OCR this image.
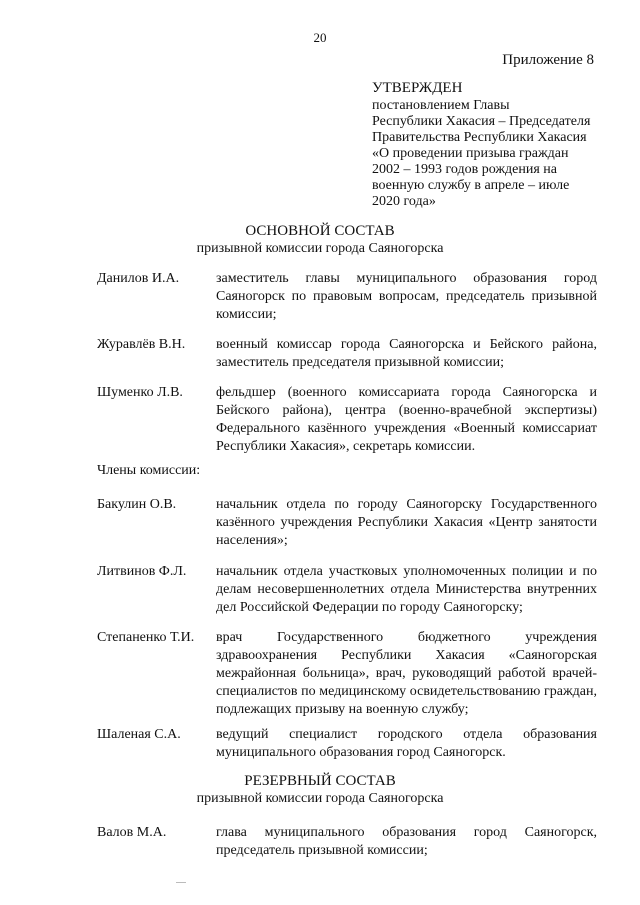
20
Приложение 8
УТВЕРЖДЕН
постановлением Главы
Республики Хакасия – Председателя
Правительства Республики Хакасия
«О проведении призыва граждан
2002 – 1993 годов рождения на
военную службу в апреле – июле
2020 года»
ОСНОВНОЙ СОСТАВ
призывной комиссии города Саяногорска
Данилов И.А.	заместитель главы муниципального образования город Саяногорск по правовым вопросам, председатель призывной комиссии;
Журавлёв В.Н.	военный комиссар города Саяногорска и Бейского района, заместитель председателя призывной комиссии;
Шуменко Л.В.	фельдшер (военного комиссариата города Саяногорска и Бейского района), центра (военно-врачебной экспертизы) Федерального казённого учреждения «Военный комиссариат Республики Хакасия», секретарь комиссии.
Члены комиссии:
Бакулин О.В.	начальник отдела по городу Саяногорску Государственного казённого учреждения Республики Хакасия «Центр занятости населения»;
Литвинов Ф.Л.	начальник отдела участковых уполномоченных полиции и по делам несовершеннолетних отдела Министерства внутренних дел Российской Федерации по городу Саяногорску;
Степаненко Т.И.	врач Государственного бюджетного учреждения здравоохранения Республики Хакасия «Саяногорская межрайонная больница», врач, руководящий работой врачей-специалистов по медицинскому освидетельствованию граждан, подлежащих призыву на военную службу;
Шаленая С.А.	ведущий специалист городского отдела образования муниципального образования город Саяногорск.
РЕЗЕРВНЫЙ СОСТАВ
призывной комиссии города Саяногорска
Валов М.А.	глава муниципального образования город Саяногорск, председатель призывной комиссии;
